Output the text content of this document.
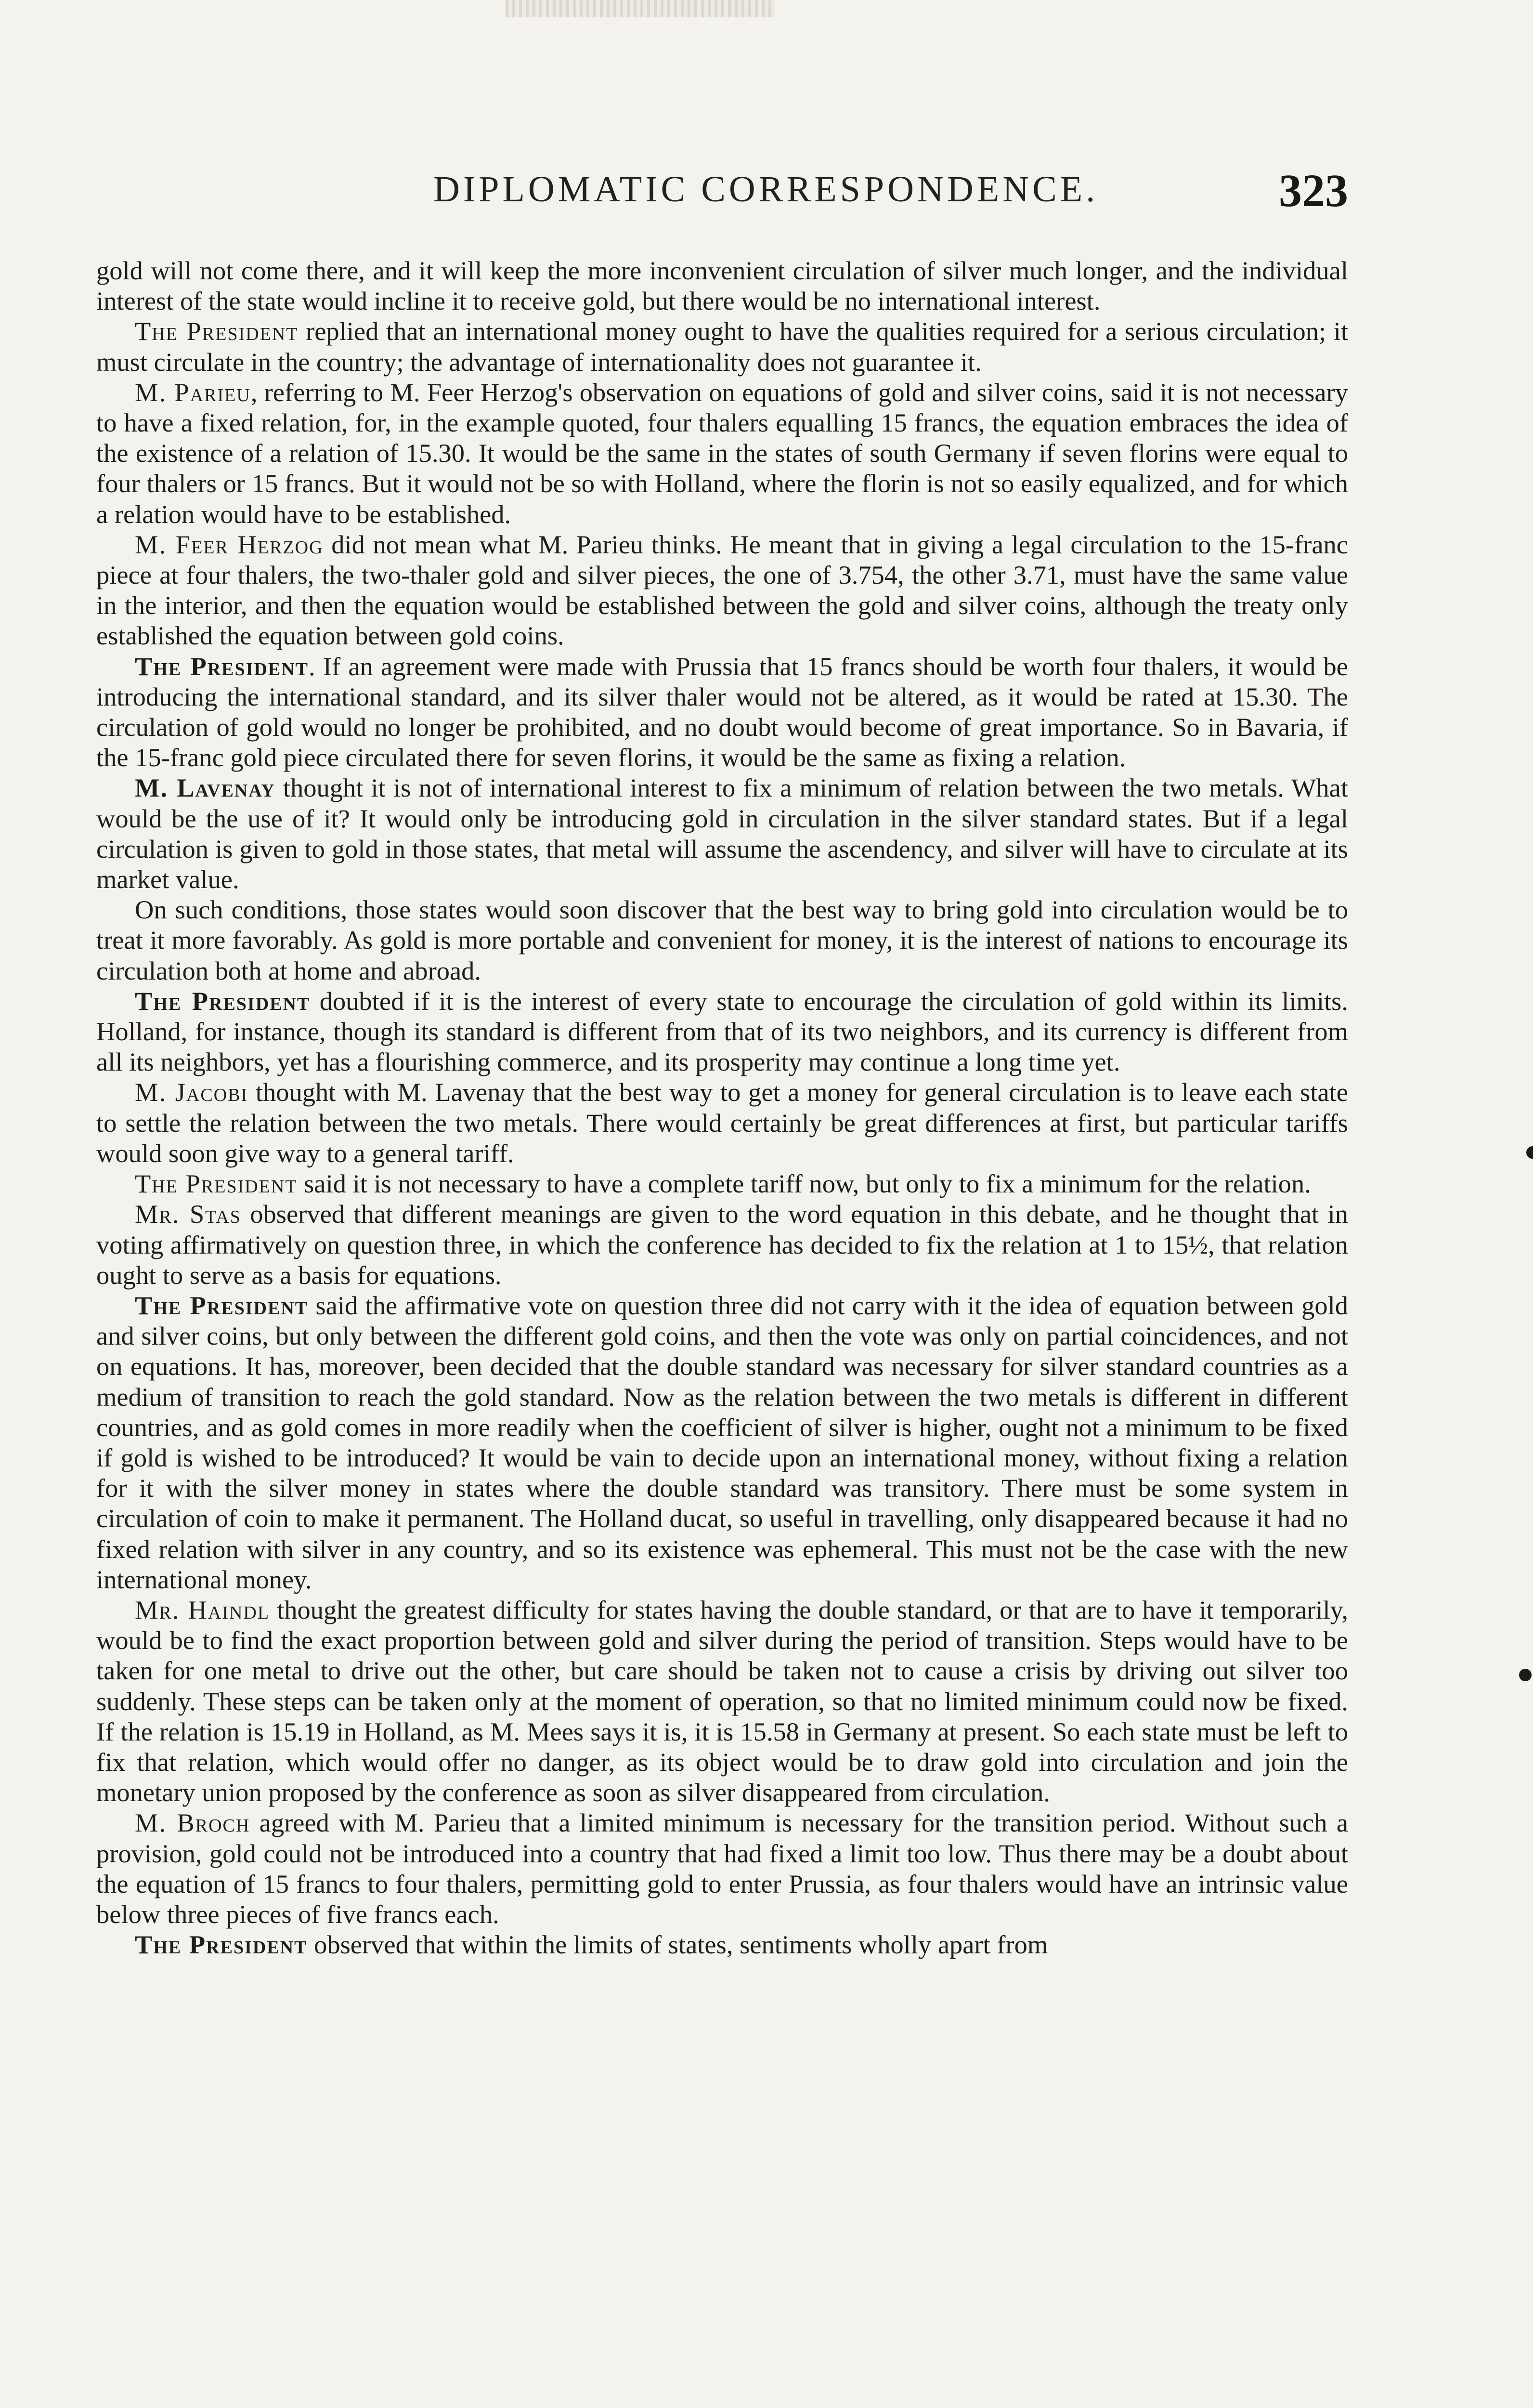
DIPLOMATIC CORRESPONDENCE.	323

gold will not come there, and it will keep the more inconvenient circulation of silver much longer, and the individual interest of the state would incline it to receive gold, but there would be no international interest.

The President replied that an international money ought to have the qualities required for a serious circulation; it must circulate in the country; the advantage of internationality does not guarantee it.

M. Parieu, referring to M. Feer Herzog's observation on equations of gold and silver coins, said it is not necessary to have a fixed relation, for, in the example quoted, four thalers equalling 15 francs, the equation embraces the idea of the existence of a relation of 15.30. It would be the same in the states of south Germany if seven florins were equal to four thalers or 15 francs. But it would not be so with Holland, where the florin is not so easily equalized, and for which a relation would have to be established.

M. Feer Herzog did not mean what M. Parieu thinks. He meant that in giving a legal circulation to the 15-franc piece at four thalers, the two-thaler gold and silver pieces, the one of 3.754, the other 3.71, must have the same value in the interior, and then the equation would be established between the gold and silver coins, although the treaty only established the equation between gold coins.

The President. If an agreement were made with Prussia that 15 francs should be worth four thalers, it would be introducing the international standard, and its silver thaler would not be altered, as it would be rated at 15.30. The circulation of gold would no longer be prohibited, and no doubt would become of great importance. So in Bavaria, if the 15-franc gold piece circulated there for seven florins, it would be the same as fixing a relation.

M. Lavenay thought it is not of international interest to fix a minimum of relation between the two metals. What would be the use of it? It would only be introducing gold in circulation in the silver standard states. But if a legal circulation is given to gold in those states, that metal will assume the ascendency, and silver will have to circulate at its market value.

On such conditions, those states would soon discover that the best way to bring gold into circulation would be to treat it more favorably. As gold is more portable and convenient for money, it is the interest of nations to encourage its circulation both at home and abroad.

The President doubted if it is the interest of every state to encourage the circulation of gold within its limits. Holland, for instance, though its standard is different from that of its two neighbors, and its currency is different from all its neighbors, yet has a flourishing commerce, and its prosperity may continue a long time yet.

M. Jacobi thought with M. Lavenay that the best way to get a money for general circulation is to leave each state to settle the relation between the two metals. There would certainly be great differences at first, but particular tariffs would soon give way to a general tariff.

The President said it is not necessary to have a complete tariff now, but only to fix a minimum for the relation.

Mr. Stas observed that different meanings are given to the word equation in this debate, and he thought that in voting affirmatively on question three, in which the conference has decided to fix the relation at 1 to 15½, that relation ought to serve as a basis for equations.

The President said the affirmative vote on question three did not carry with it the idea of equation between gold and silver coins, but only between the different gold coins, and then the vote was only on partial coincidences, and not on equations. It has, moreover, been decided that the double standard was necessary for silver standard countries as a medium of transition to reach the gold standard. Now as the relation between the two metals is different in different countries, and as gold comes in more readily when the coefficient of silver is higher, ought not a minimum to be fixed if gold is wished to be introduced? It would be vain to decide upon an international money, without fixing a relation for it with the silver money in states where the double standard was transitory. There must be some system in circulation of coin to make it permanent. The Holland ducat, so useful in travelling, only disappeared because it had no fixed relation with silver in any country, and so its existence was ephemeral. This must not be the case with the new international money.

Mr. Haindl thought the greatest difficulty for states having the double standard, or that are to have it temporarily, would be to find the exact proportion between gold and silver during the period of transition. Steps would have to be taken for one metal to drive out the other, but care should be taken not to cause a crisis by driving out silver too suddenly. These steps can be taken only at the moment of operation, so that no limited minimum could now be fixed. If the relation is 15.19 in Holland, as M. Mees says it is, it is 15.58 in Germany at present. So each state must be left to fix that relation, which would offer no danger, as its object would be to draw gold into circulation and join the monetary union proposed by the conference as soon as silver disappeared from circulation.

M. Broch agreed with M. Parieu that a limited minimum is necessary for the transition period. Without such a provision, gold could not be introduced into a country that had fixed a limit too low. Thus there may be a doubt about the equation of 15 francs to four thalers, permitting gold to enter Prussia, as four thalers would have an intrinsic value below three pieces of five francs each.

The President observed that within the limits of states, sentiments wholly apart from
